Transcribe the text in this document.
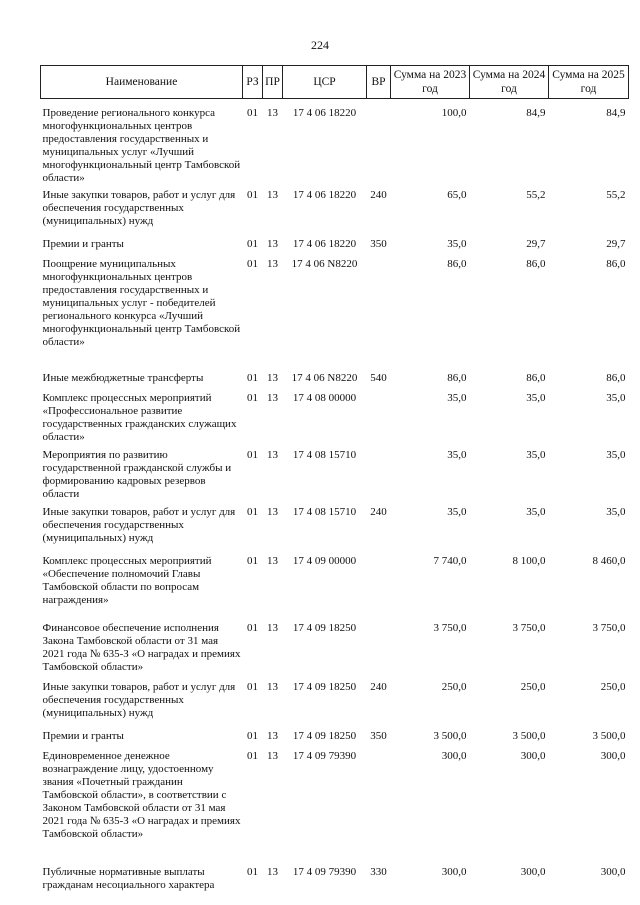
224
Наименование	РЗ	ПР	ЦСР	ВР	Сумма на 2023 год	Сумма на 2024 год	Сумма на 2025 год

Проведение регионального конкурса многофункциональных центров предоставления государственных и муниципальных услуг «Лучший многофункциональный центр Тамбовской области»	01	13	17 4 06 18220		100,0	84,9	84,9
Иные закупки товаров, работ и услуг для обеспечения государственных (муниципальных) нужд	01	13	17 4 06 18220	240	65,0	55,2	55,2
Премии и гранты	01	13	17 4 06 18220	350	35,0	29,7	29,7
Поощрение муниципальных многофункциональных центров предоставления государственных и муниципальных услуг - победителей регионального конкурса «Лучший многофункциональный центр Тамбовской области»	01	13	17 4 06 N8220		86,0	86,0	86,0
Иные межбюджетные трансферты	01	13	17 4 06 N8220	540	86,0	86,0	86,0
Комплекс процессных мероприятий «Профессиональное развитие государственных гражданских служащих области»	01	13	17 4 08 00000		35,0	35,0	35,0
Мероприятия по развитию государственной гражданской службы и формированию кадровых резервов области	01	13	17 4 08 15710		35,0	35,0	35,0
Иные закупки товаров, работ и услуг для обеспечения государственных (муниципальных) нужд	01	13	17 4 08 15710	240	35,0	35,0	35,0
Комплекс процессных мероприятий «Обеспечение полномочий Главы Тамбовской области по вопросам награждения»	01	13	17 4 09 00000		7 740,0	8 100,0	8 460,0
Финансовое обеспечение исполнения Закона Тамбовской области от 31 мая 2021 года № 635-З «О наградах и премиях Тамбовской области»	01	13	17 4 09 18250		3 750,0	3 750,0	3 750,0
Иные закупки товаров, работ и услуг для обеспечения государственных (муниципальных) нужд	01	13	17 4 09 18250	240	250,0	250,0	250,0
Премии и гранты	01	13	17 4 09 18250	350	3 500,0	3 500,0	3 500,0
Единовременное денежное вознаграждение лицу, удостоенному звания «Почетный гражданин Тамбовской области», в соответствии с Законом Тамбовской области от 31 мая 2021 года № 635-З «О наградах и премиях Тамбовской области»	01	13	17 4 09 79390		300,0	300,0	300,0
Публичные нормативные выплаты гражданам несоциального характера	01	13	17 4 09 79390	330	300,0	300,0	300,0
